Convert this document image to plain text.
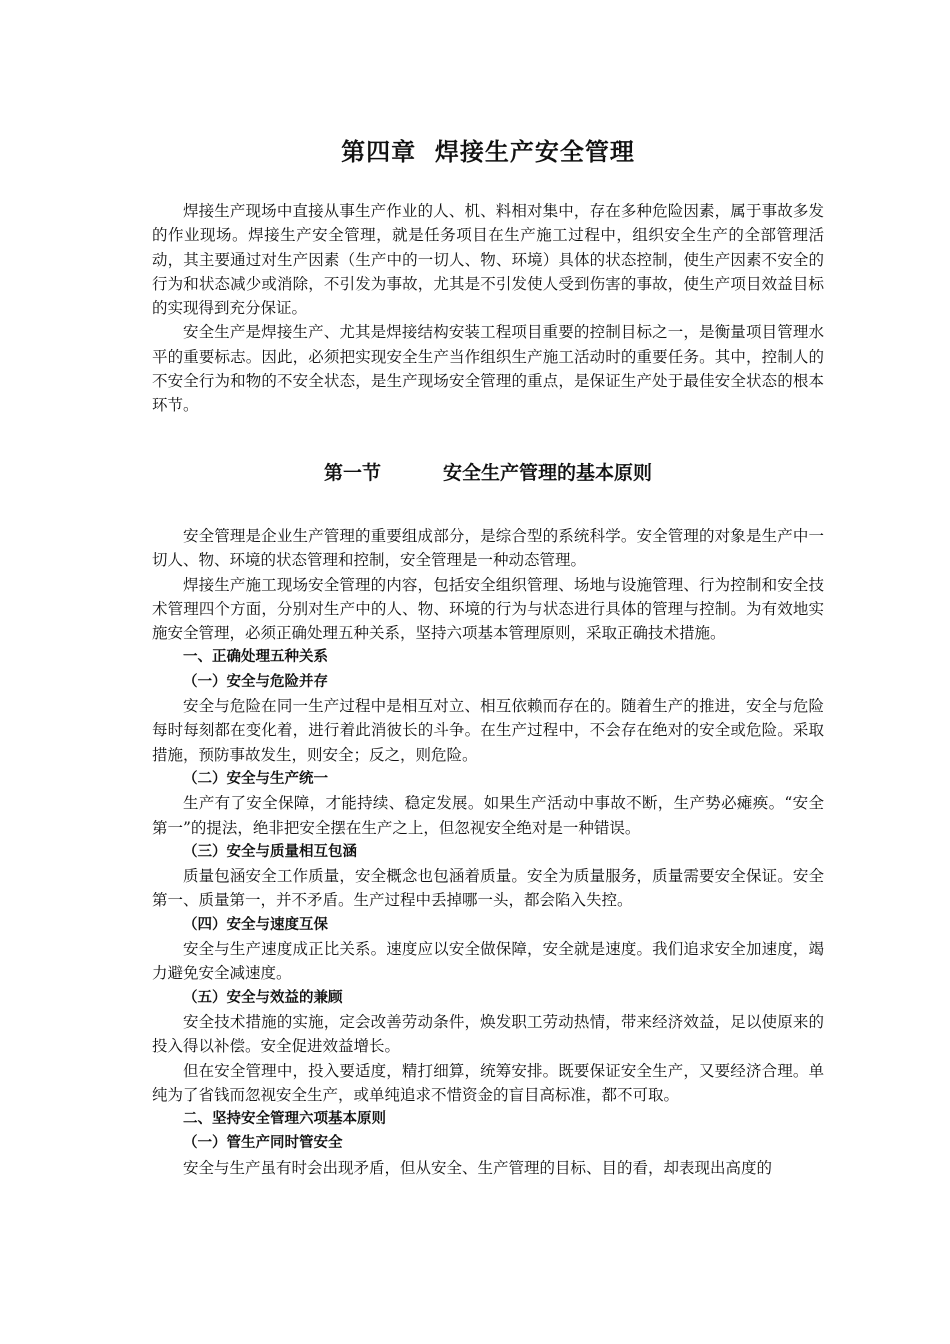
第四章  焊接生产安全管理

焊接生产现场中直接从事生产作业的人、机、料相对集中，存在多种危险因素，属于事故多发的作业现场。焊接生产安全管理，就是任务项目在生产施工过程中，组织安全生产的全部管理活动，其主要通过对生产因素（生产中的一切人、物、环境）具体的状态控制，使生产因素不安全的行为和状态减少或消除，不引发为事故，尤其是不引发使人受到伤害的事故，使生产项目效益目标的实现得到充分保证。

安全生产是焊接生产、尤其是焊接结构安装工程项目重要的控制目标之一，是衡量项目管理水平的重要标志。因此，必须把实现安全生产当作组织生产施工活动时的重要任务。其中，控制人的不安全行为和物的不安全状态，是生产现场安全管理的重点，是保证生产处于最佳安全状态的根本环节。

第一节	安全生产管理的基本原则

安全管理是企业生产管理的重要组成部分，是综合型的系统科学。安全管理的对象是生产中一切人、物、环境的状态管理和控制，安全管理是一种动态管理。

焊接生产施工现场安全管理的内容，包括安全组织管理、场地与设施管理、行为控制和安全技术管理四个方面，分别对生产中的人、物、环境的行为与状态进行具体的管理与控制。为有效地实施安全管理，必须正确处理五种关系，坚持六项基本管理原则，采取正确技术措施。

一、正确处理五种关系

（一）安全与危险并存

安全与危险在同一生产过程中是相互对立、相互依赖而存在的。随着生产的推进，安全与危险每时每刻都在变化着，进行着此消彼长的斗争。在生产过程中，不会存在绝对的安全或危险。采取措施，预防事故发生，则安全；反之，则危险。

（二）安全与生产统一

生产有了安全保障，才能持续、稳定发展。如果生产活动中事故不断，生产势必瘫痪。“安全第一”的提法，绝非把安全摆在生产之上，但忽视安全绝对是一种错误。

（三）安全与质量相互包涵

质量包涵安全工作质量，安全概念也包涵着质量。安全为质量服务，质量需要安全保证。安全第一、质量第一，并不矛盾。生产过程中丢掉哪一头，都会陷入失控。

（四）安全与速度互保

安全与生产速度成正比关系。速度应以安全做保障，安全就是速度。我们追求安全加速度，竭力避免安全减速度。

（五）安全与效益的兼顾

安全技术措施的实施，定会改善劳动条件，焕发职工劳动热情，带来经济效益，足以使原来的投入得以补偿。安全促进效益增长。

但在安全管理中，投入要适度，精打细算，统筹安排。既要保证安全生产，又要经济合理。单纯为了省钱而忽视安全生产，或单纯追求不惜资金的盲目高标准，都不可取。

二、坚持安全管理六项基本原则

（一）管生产同时管安全

安全与生产虽有时会出现矛盾，但从安全、生产管理的目标、目的看，却表现出高度的
